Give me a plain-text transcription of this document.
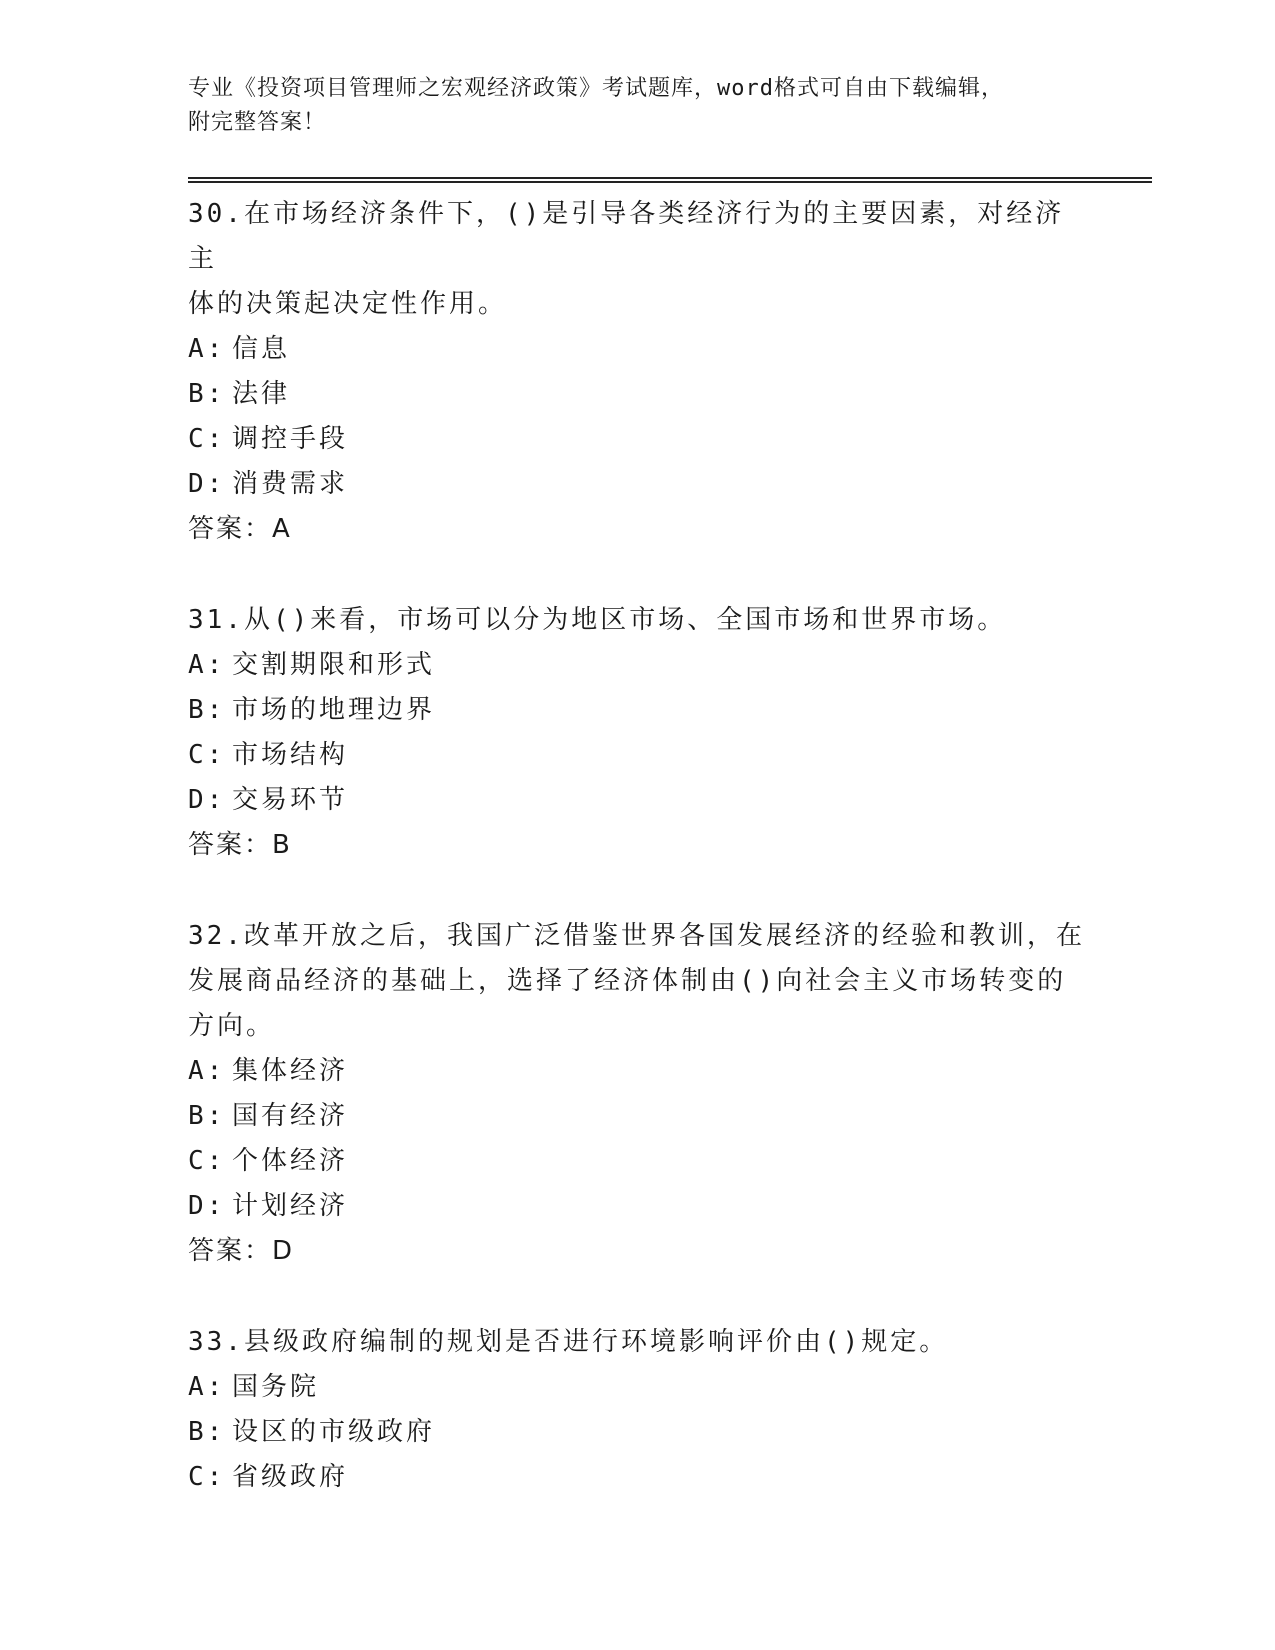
专业《投资项目管理师之宏观经济政策》考试题库，word格式可自由下载编辑，
附完整答案！

30.在市场经济条件下，()是引导各类经济行为的主要因素，对经济主

体的决策起决定性作用。

A: 信息

B: 法律

C: 调控手段

D: 消费需求

答案：A

31.从()来看，市场可以分为地区市场、全国市场和世界市场。

A: 交割期限和形式

B: 市场的地理边界

C: 市场结构

D: 交易环节

答案：B

32.改革开放之后，我国广泛借鉴世界各国发展经济的经验和教训，在

发展商品经济的基础上，选择了经济体制由()向社会主义市场转变的

方向。

A: 集体经济

B: 国有经济

C: 个体经济

D: 计划经济

答案：D

33.县级政府编制的规划是否进行环境影响评价由()规定。

A: 国务院

B: 设区的市级政府

C: 省级政府
